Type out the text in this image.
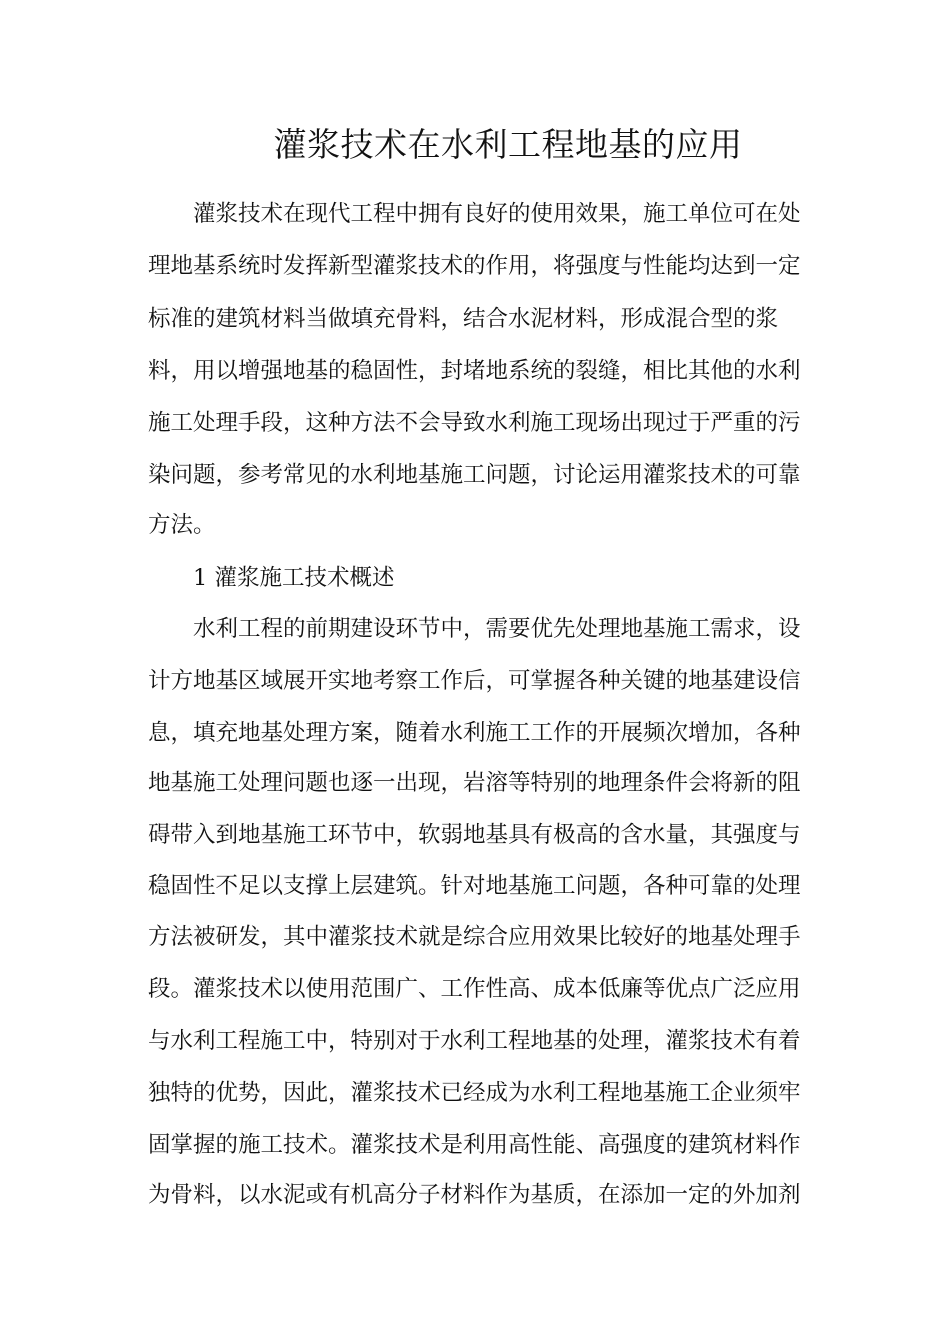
灌浆技术在水利工程地基的应用
灌浆技术在现代工程中拥有良好的使用效果，施工单位可在处
理地基系统时发挥新型灌浆技术的作用，将强度与性能均达到一定
标准的建筑材料当做填充骨料，结合水泥材料，形成混合型的浆
料，用以增强地基的稳固性，封堵地系统的裂缝，相比其他的水利
施工处理手段，这种方法不会导致水利施工现场出现过于严重的污
染问题，参考常见的水利地基施工问题，讨论运用灌浆技术的可靠
方法。
1 灌浆施工技术概述
水利工程的前期建设环节中，需要优先处理地基施工需求，设
计方地基区域展开实地考察工作后，可掌握各种关键的地基建设信
息，填充地基处理方案，随着水利施工工作的开展频次增加，各种
地基施工处理问题也逐一出现，岩溶等特别的地理条件会将新的阻
碍带入到地基施工环节中，软弱地基具有极高的含水量，其强度与
稳固性不足以支撑上层建筑。针对地基施工问题，各种可靠的处理
方法被研发，其中灌浆技术就是综合应用效果比较好的地基处理手
段。灌浆技术以使用范围广、工作性高、成本低廉等优点广泛应用
与水利工程施工中，特别对于水利工程地基的处理，灌浆技术有着
独特的优势，因此，灌浆技术已经成为水利工程地基施工企业须牢
固掌握的施工技术。灌浆技术是利用高性能、高强度的建筑材料作
为骨料，以水泥或有机高分子材料作为基质，在添加一定的外加剂
